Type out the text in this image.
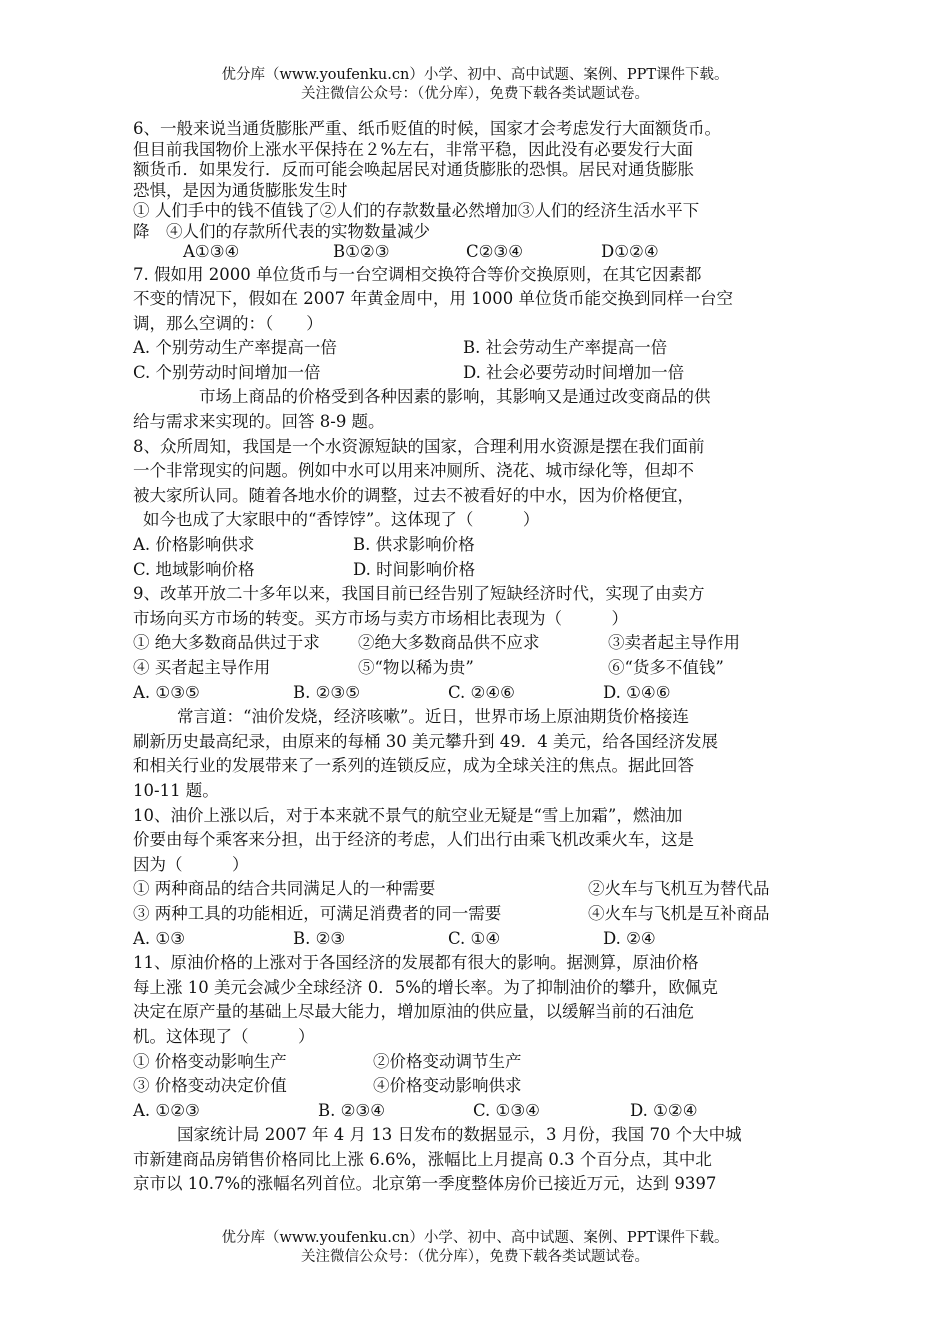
优分库（www.youfenku.cn）小学、初中、高中试题、案例、PPT课件下载。
关注微信公众号：（优分库），免费下载各类试题试卷。
6、一般来说当通货膨胀严重、纸币贬值的时候，国家才会考虑发行大面额货币。
但目前我国物价上涨水平保持在２%左右，非常平稳，因此没有必要发行大面
额货币．如果发行．反而可能会唤起居民对通货膨胀的恐惧。居民对通货膨胀
恐惧，是因为通货膨胀发生时
① 人们手中的钱不值钱了②人们的存款数量必然增加③人们的经济生活水平下
降　④人们的存款所代表的实物数量减少
A①③④	B①②③	C②③④	D①②④
7. 假如用 2000 单位货币与一台空调相交换符合等价交换原则，在其它因素都
不变的情况下，假如在 2007 年黄金周中，用 1000 单位货币能交换到同样一台空
调，那么空调的：（　　）
A. 个别劳动生产率提高一倍	B. 社会劳动生产率提高一倍
C. 个别劳动时间增加一倍	D. 社会必要劳动时间增加一倍
市场上商品的价格受到各种因素的影响，其影响又是通过改变商品的供
给与需求来实现的。回答 8-9 题。
8、众所周知，我国是一个水资源短缺的国家，合理利用水资源是摆在我们面前
一个非常现实的问题。例如中水可以用来冲厕所、浇花、城市绿化等，但却不
被大家所认同。随着各地水价的调整，过去不被看好的中水，因为价格便宜，
如今也成了大家眼中的“香饽饽”。这体现了（　　　）
A. 价格影响供求	B. 供求影响价格
C. 地域影响价格	D. 时间影响价格
9、改革开放二十多年以来，我国目前已经告别了短缺经济时代，实现了由卖方
市场向买方市场的转变。买方市场与卖方市场相比表现为（　　　）
① 绝大多数商品供过于求	②绝大多数商品供不应求	③卖者起主导作用
④ 买者起主导作用	⑤“物以稀为贵”	⑥“货多不值钱”
A. ①③⑤	B. ②③⑤	C. ②④⑥	D. ①④⑥
常言道：“油价发烧，经济咳嗽”。近日，世界市场上原油期货价格接连
刷新历史最高纪录，由原来的每桶 30 美元攀升到 49．4 美元，给各国经济发展
和相关行业的发展带来了一系列的连锁反应，成为全球关注的焦点。据此回答
10-11 题。
10、油价上涨以后，对于本来就不景气的航空业无疑是“雪上加霜”，燃油加
价要由每个乘客来分担，出于经济的考虑，人们出行由乘飞机改乘火车，这是
因为（　　　）
① 两种商品的结合共同满足人的一种需要	②火车与飞机互为替代品
③ 两种工具的功能相近，可满足消费者的同一需要	④火车与飞机是互补商品
A. ①③	B. ②③	C. ①④	D. ②④
11、原油价格的上涨对于各国经济的发展都有很大的影响。据测算，原油价格
每上涨 10 美元会减少全球经济 0．5%的增长率。为了抑制油价的攀升，欧佩克
决定在原产量的基础上尽最大能力，增加原油的供应量，以缓解当前的石油危
机。这体现了（　　　）
① 价格变动影响生产	②价格变动调节生产
③ 价格变动决定价值	④价格变动影响供求
A. ①②③	B. ②③④	C. ①③④	D. ①②④
国家统计局 2007 年 4 月 13 日发布的数据显示，3 月份，我国 70 个大中城
市新建商品房销售价格同比上涨 6.6%，涨幅比上月提高 0.3 个百分点，其中北
京市以 10.7%的涨幅名列首位。北京第一季度整体房价已接近万元，达到 9397
优分库（www.youfenku.cn）小学、初中、高中试题、案例、PPT课件下载。
关注微信公众号：（优分库），免费下载各类试题试卷。
